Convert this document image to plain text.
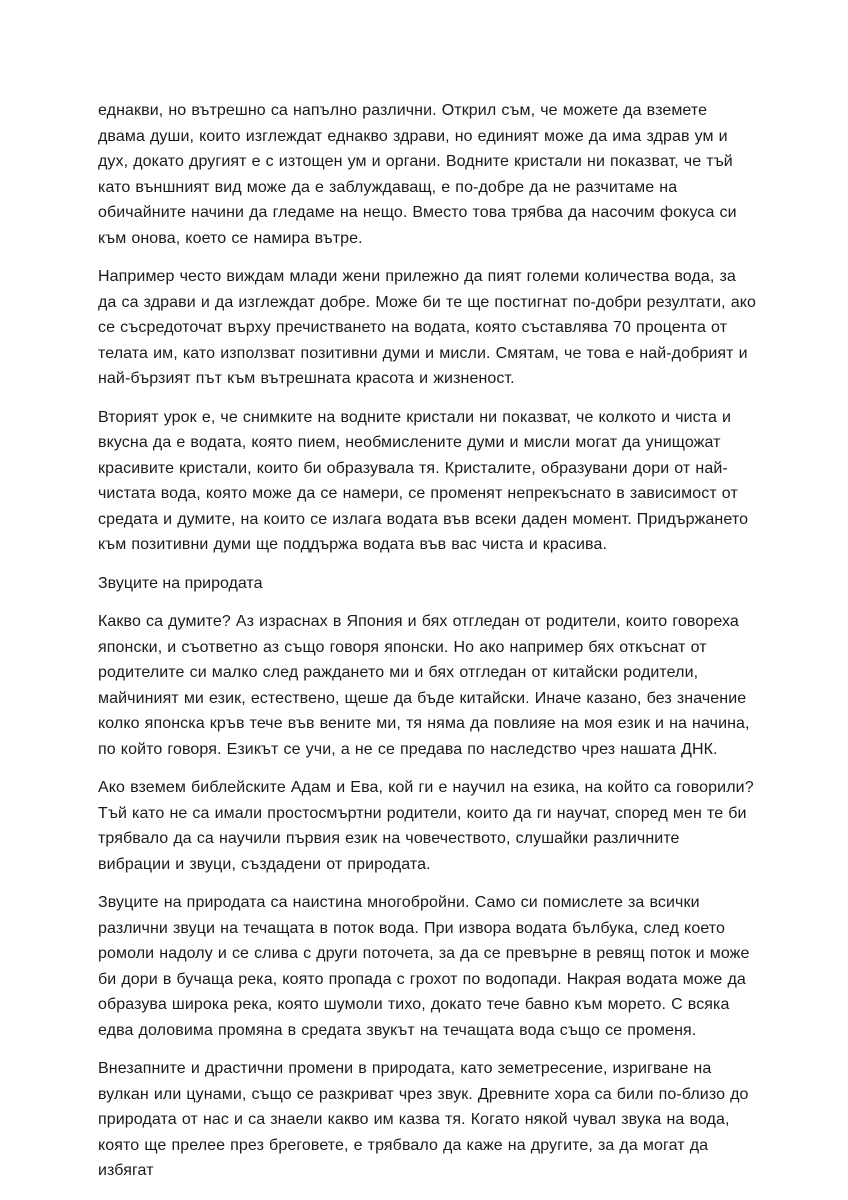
еднакви, но вътрешно са напълно различни. Открил съм, че можете да вземете двама души, които изглеждат еднакво здрави, но единият може да има здрав ум и дух, докато другият е с изтощен ум и органи. Водните кристали ни показват, че тъй като външният вид може да е заблуждаващ, е по-добре да не разчитаме на обичайните начини да гледаме на нещо. Вместо това трябва да насочим фокуса си към онова, което се намира вътре.

Например често виждам млади жени прилежно да пият големи количества вода, за да са здрави и да изглеждат добре. Може би те ще постигнат по-добри резултати, ако се съсредоточат върху пречистването на водата, която съставлява 70 процента от телата им, като използват позитивни думи и мисли. Смятам, че това е най-добрият и най-бързият път към вътрешната красота и жизненост.

Вторият урок е, че снимките на водните кристали ни показват, че колкото и чиста и вкусна да е водата, която пием, необмислените думи и мисли могат да унищожат красивите кристали, които би образувала тя. Кристалите, образувани дори от най-чистата вода, която може да се намери, се променят непрекъснато в зависимост от средата и думите, на които се излага водата във всеки даден момент. Придържането към позитивни думи ще поддържа водата във вас чиста и красива.

Звуците на природата

Какво са думите? Аз израснах в Япония и бях отгледан от родители, които говореха японски, и съответно аз също говоря японски. Но ако например бях откъснат от родителите си малко след раждането ми и бях отгледан от китайски родители, майчиният ми език, естествено, щеше да бъде китайски. Иначе казано, без значение колко японска кръв тече във вените ми, тя няма да повлияе на моя език и на начина, по който говоря. Езикът се учи, а не се предава по наследство чрез нашата ДНК.

Ако вземем библейските Адам и Ева, кой ги е научил на езика, на който са говорили? Тъй като не са имали простосмъртни родители, които да ги научат, според мен те би трябвало да са научили първия език на човечеството, слушайки различните вибрации и звуци, създадени от природата.

Звуците на природата са наистина многобройни. Само си помислете за всички различни звуци на течащата в поток вода. При извора водата бълбука, след което ромоли надолу и се слива с други поточета, за да се превърне в ревящ поток и може би дори в бучаща река, която пропада с грохот по водопади. Накрая водата може да образува широка река, която шумоли тихо, докато тече бавно към морето. С всяка едва доловима промяна в средата звукът на течащата вода също се променя.

Внезапните и драстични промени в природата, като земетресение, изригване на вулкан или цунами, също се разкриват чрез звук. Древните хора са били по-близо до природата от нас и са знаели какво им казва тя. Когато някой чувал звука на вода, която ще прелее през бреговете, е трябвало да каже на другите, за да могат да избягат
